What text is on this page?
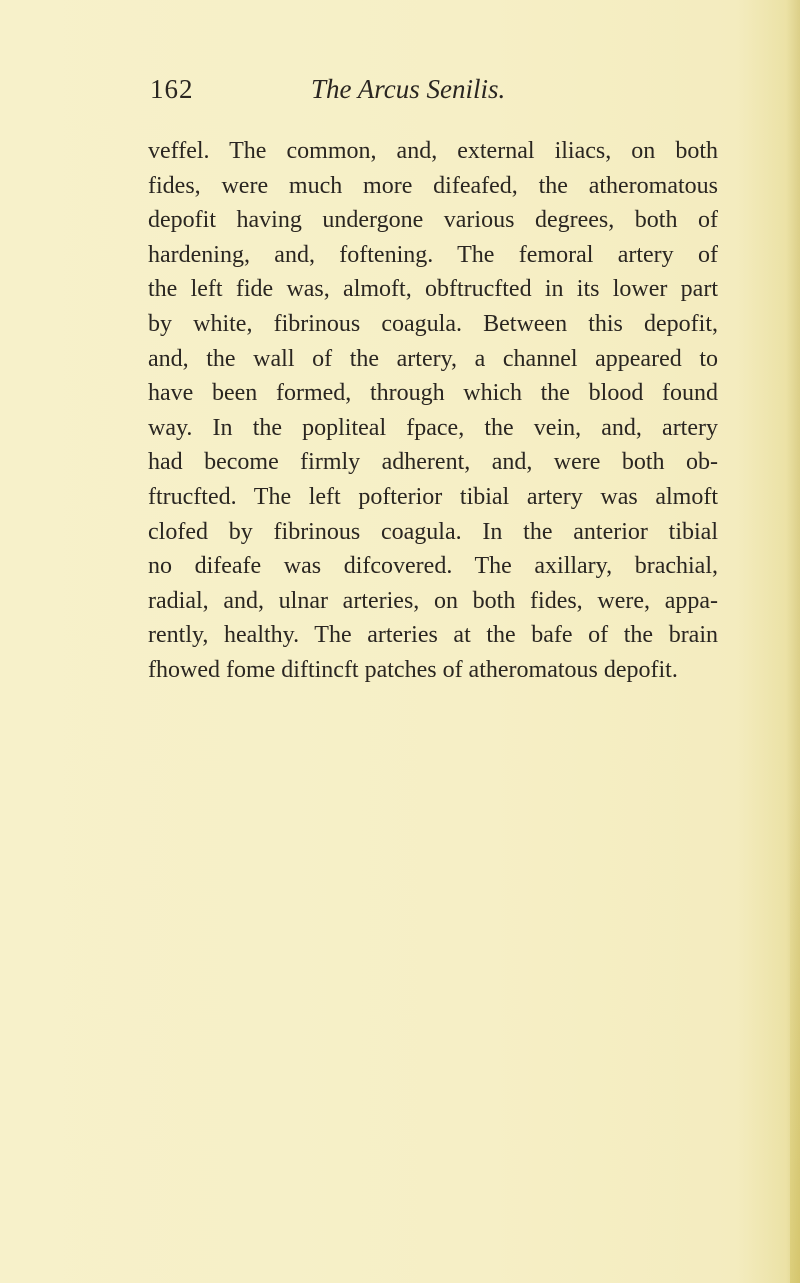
162	The Arcus Senilis.
veffel. The common, and, external iliacs, on both
fides, were much more difeafed, the atheromatous
depofit having undergone various degrees, both of
hardening, and, foftening. The femoral artery of
the left fide was, almoft, obftrucfted in its lower part
by white, fibrinous coagula. Between this depofit,
and, the wall of the artery, a channel appeared to
have been formed, through which the blood found
way. In the popliteal fpace, the vein, and, artery
had become firmly adherent, and, were both ob-
ftrucfted. The left pofterior tibial artery was almoft
clofed by fibrinous coagula. In the anterior tibial
no difeafe was difcovered. The axillary, brachial,
radial, and, ulnar arteries, on both fides, were, appa-
rently, healthy. The arteries at the bafe of the brain
fhowed fome diftincft patches of atheromatous depofit.
